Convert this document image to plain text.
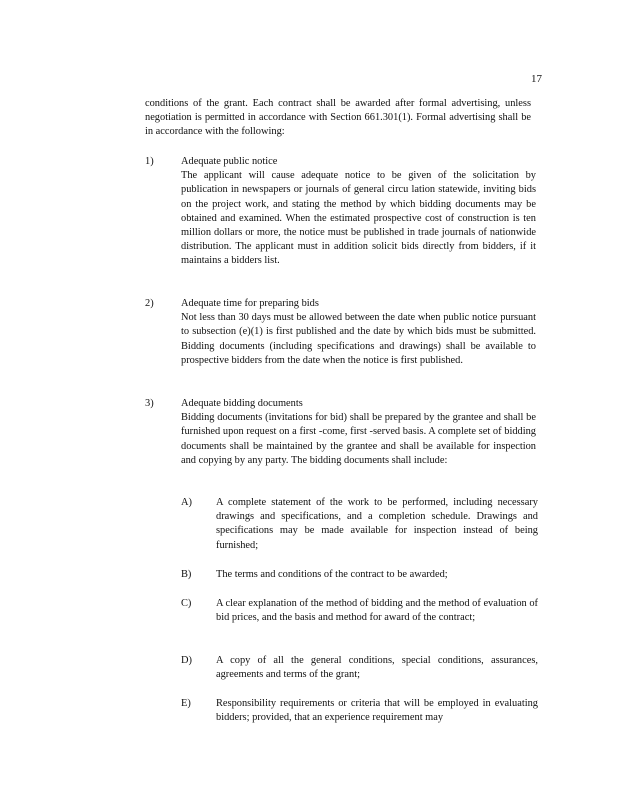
17

conditions of the grant. Each contract shall be awarded after formal advertising, unless negotiation is permitted in accordance with Section 661.301(1). Formal advertising shall be in accordance with the following:

1)	Adequate public notice
The applicant will cause adequate notice to be given of the solicitation by publication in newspapers or journals of general circu lation statewide, inviting bids on the project work, and stating the method by which bidding documents may be obtained and examined. When the estimated prospective cost of construction is ten million dollars or more, the notice must be published in trade journals of nationwide distribution. The applicant must in addition solicit bids directly from bidders, if it maintains a bidders list.
2)	Adequate time for preparing bids
Not less than 30 days must be allowed between the date when public notice pursuant to subsection (e)(1) is first published and the date by which bids must be submitted. Bidding documents (including specifications and drawings) shall be available to prospective bidders from the date when the notice is first published.
3)	Adequate bidding documents
Bidding documents (invitations for bid) shall be prepared by the grantee and shall be furnished upon request on a first -come, first -served basis. A complete set of bidding documents shall be maintained by the grantee and shall be available for inspection and copying by any party. The bidding documents shall include:
A) A complete statement of the work to be performed, including necessary drawings and specifications, and a completion schedule. Drawings and specifications may be made available for inspection instead of being furnished;
B) The terms and conditions of the contract to be awarded;
C) A clear explanation of the method of bidding and the method of evaluation of bid prices, and the basis and method for award of the contract;
D) A copy of all the general conditions, special conditions, assurances, agreements and terms of the grant;
E) Responsibility requirements or criteria that will be employed in evaluating bidders; provided, that an experience requirement may
